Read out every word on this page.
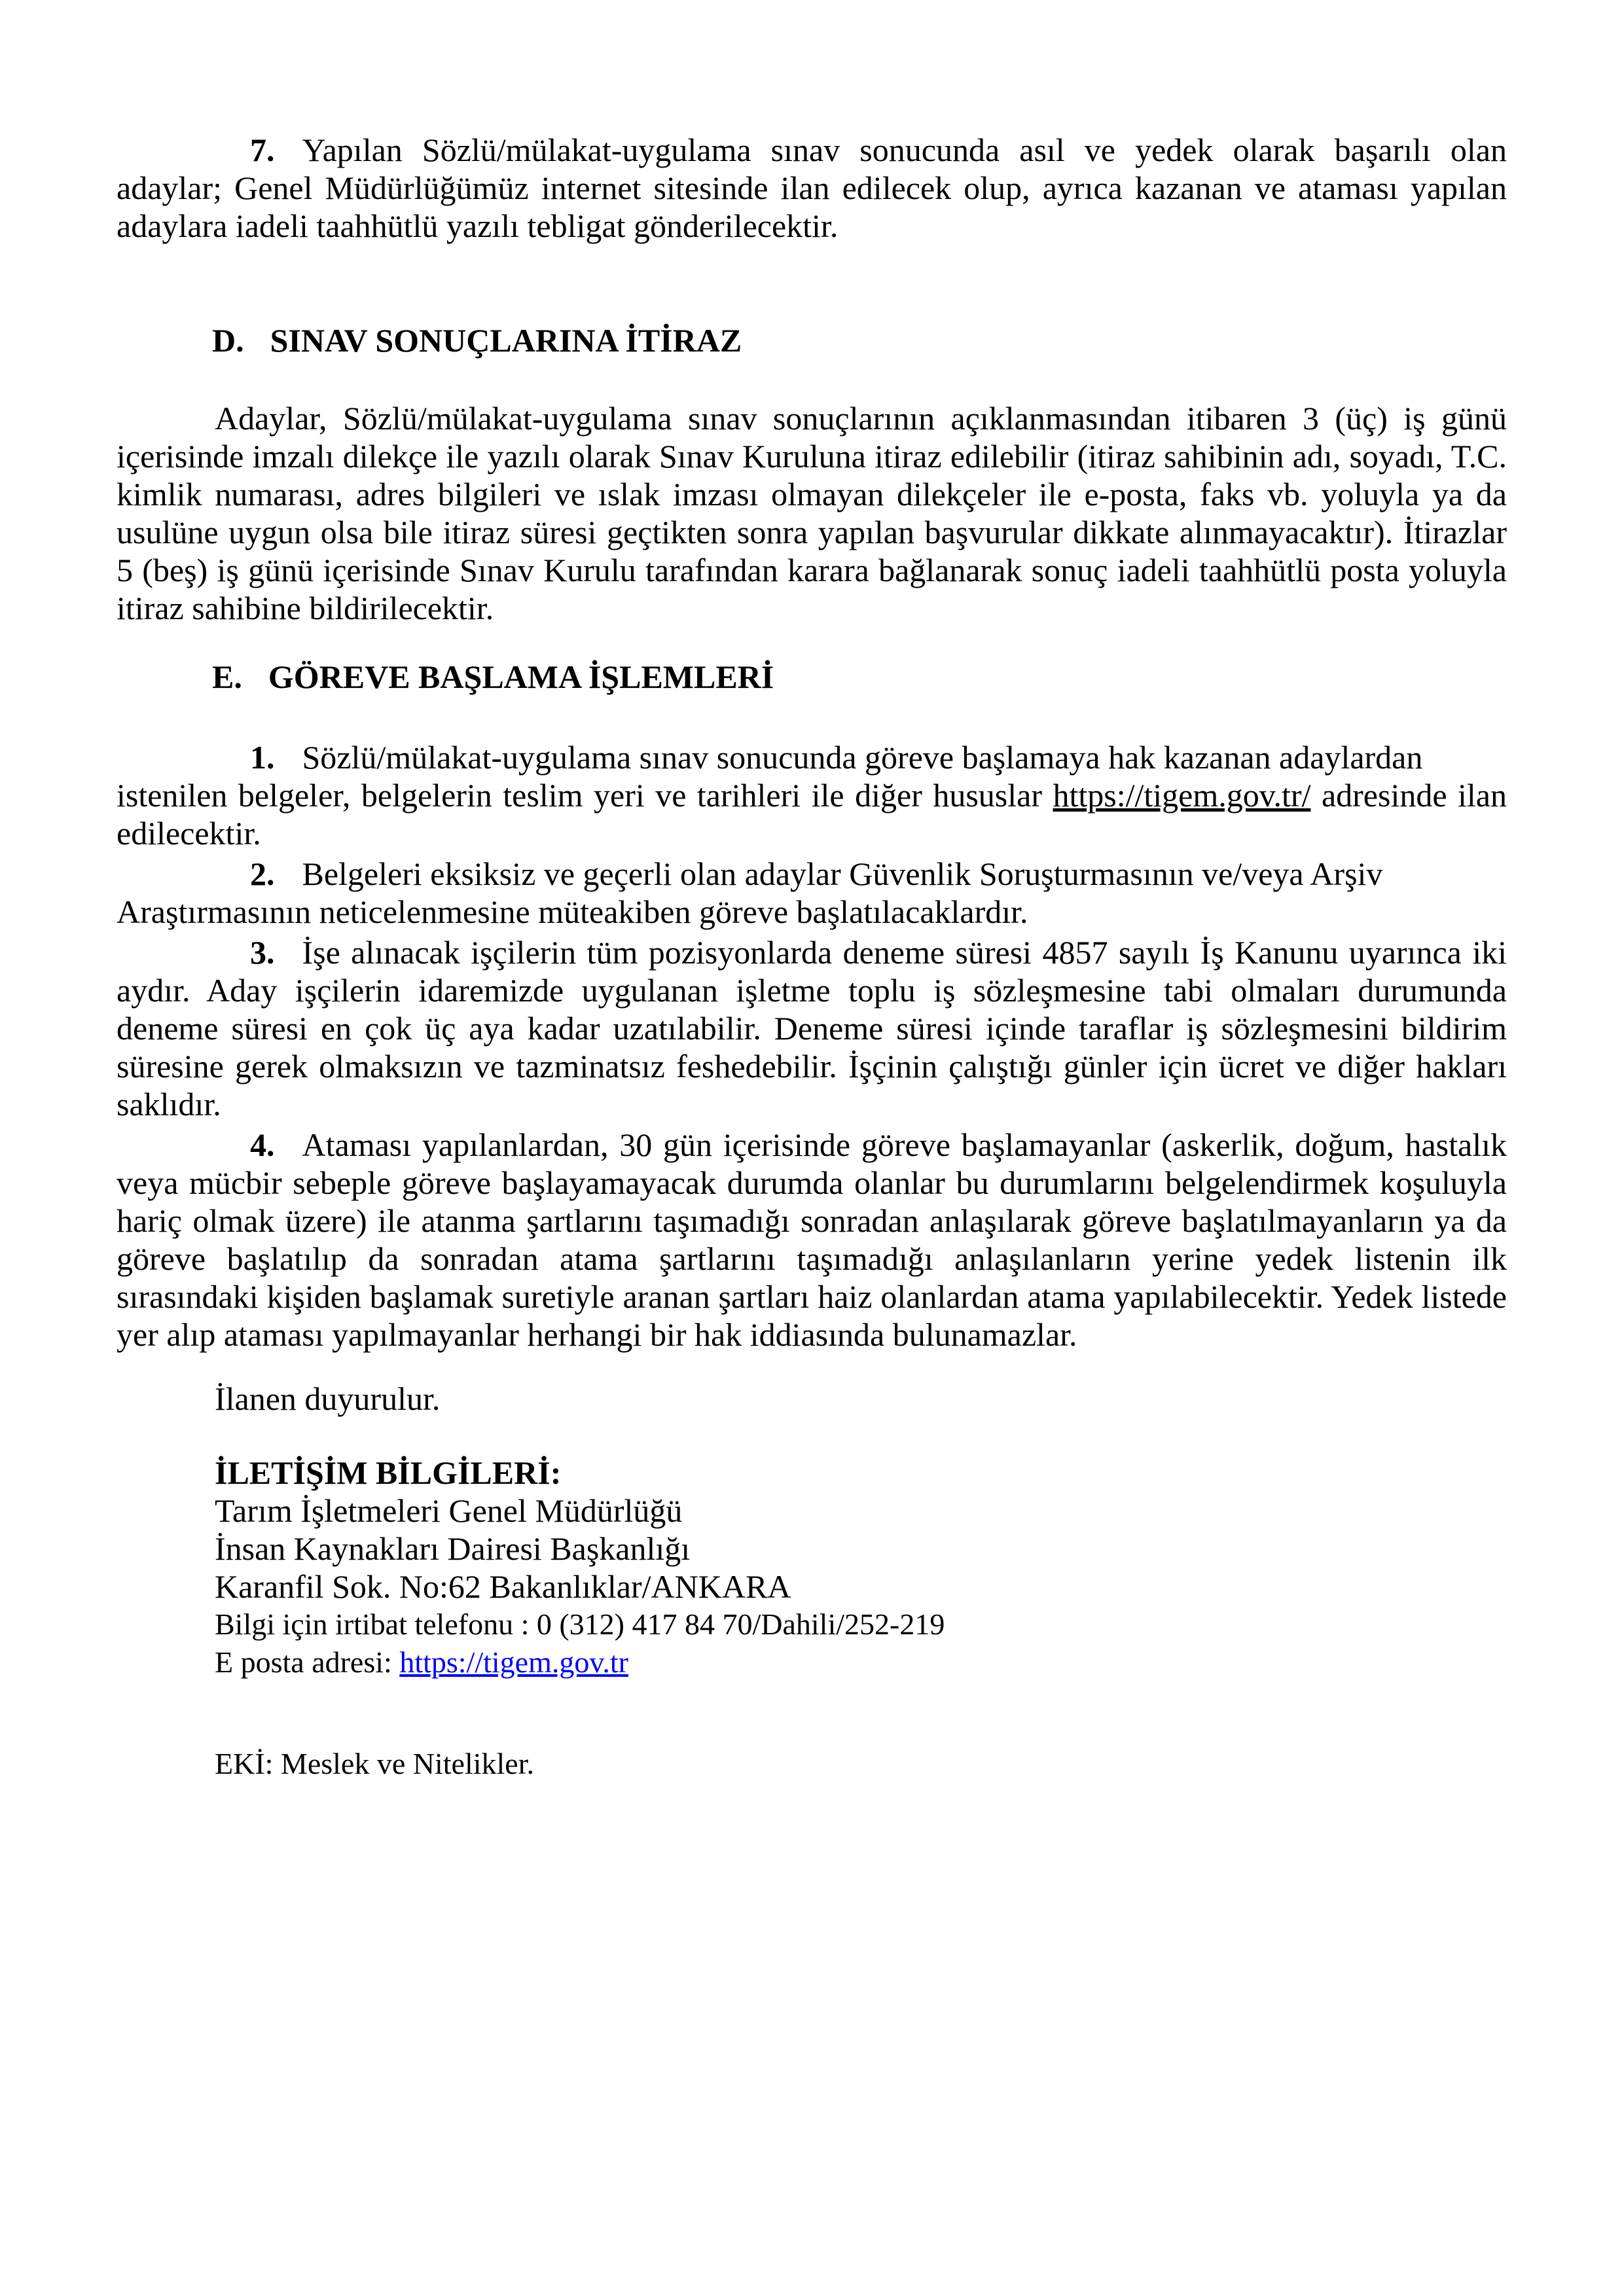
7. Yapılan Sözlü/mülakat-uygulama sınav sonucunda asıl ve yedek olarak başarılı olan adaylar; Genel Müdürlüğümüz internet sitesinde ilan edilecek olup, ayrıca kazanan ve ataması yapılan adaylara iadeli taahhütlü yazılı tebligat gönderilecektir.

D. SINAV SONUÇLARINA İTİRAZ

Adaylar, Sözlü/mülakat-uygulama sınav sonuçlarının açıklanmasından itibaren 3 (üç) iş günü içerisinde imzalı dilekçe ile yazılı olarak Sınav Kuruluna itiraz edilebilir (itiraz sahibinin adı, soyadı, T.C. kimlik numarası, adres bilgileri ve ıslak imzası olmayan dilekçeler ile e-posta, faks vb. yoluyla ya da usulüne uygun olsa bile itiraz süresi geçtikten sonra yapılan başvurular dikkate alınmayacaktır). İtirazlar 5 (beş) iş günü içerisinde Sınav Kurulu tarafından karara bağlanarak sonuç iadeli taahhütlü posta yoluyla itiraz sahibine bildirilecektir.

E. GÖREVE BAŞLAMA İŞLEMLERİ

1. Sözlü/mülakat-uygulama sınav sonucunda göreve başlamaya hak kazanan adaylardan
istenilen belgeler, belgelerin teslim yeri ve tarihleri ile diğer hususlar https://tigem.gov.tr/ adresinde ilan edilecektir.

2. Belgeleri eksiksiz ve geçerli olan adaylar Güvenlik Soruşturmasının ve/veya Arşiv Araştırmasının neticelenmesine müteakiben göreve başlatılacaklardır.

3. İşe alınacak işçilerin tüm pozisyonlarda deneme süresi 4857 sayılı İş Kanunu uyarınca iki aydır. Aday işçilerin idaremizde uygulanan işletme toplu iş sözleşmesine tabi olmaları durumunda deneme süresi en çok üç aya kadar uzatılabilir. Deneme süresi içinde taraflar iş sözleşmesini bildirim süresine gerek olmaksızın ve tazminatsız feshedebilir. İşçinin çalıştığı günler için ücret ve diğer hakları saklıdır.

4. Ataması yapılanlardan, 30 gün içerisinde göreve başlamayanlar (askerlik, doğum, hastalık veya mücbir sebeple göreve başlayamayacak durumda olanlar bu durumlarını belgelendirmek koşuluyla hariç olmak üzere) ile atanma şartlarını taşımadığı sonradan anlaşılarak göreve başlatılmayanların ya da göreve başlatılıp da sonradan atama şartlarını taşımadığı anlaşılanların yerine yedek listenin ilk sırasındaki kişiden başlamak suretiyle aranan şartları haiz olanlardan atama yapılabilecektir. Yedek listede yer alıp ataması yapılmayanlar herhangi bir hak iddiasında bulunamazlar.

İlanen duyurulur.

İLETİŞİM BİLGİLERİ:

Tarım İşletmeleri Genel Müdürlüğü

İnsan Kaynakları Dairesi Başkanlığı

Karanfil Sok. No:62 Bakanlıklar/ANKARA

Bilgi için irtibat telefonu : 0 (312) 417 84 70/Dahili/252-219

E posta adresi: https://tigem.gov.tr

EKİ: Meslek ve Nitelikler.
